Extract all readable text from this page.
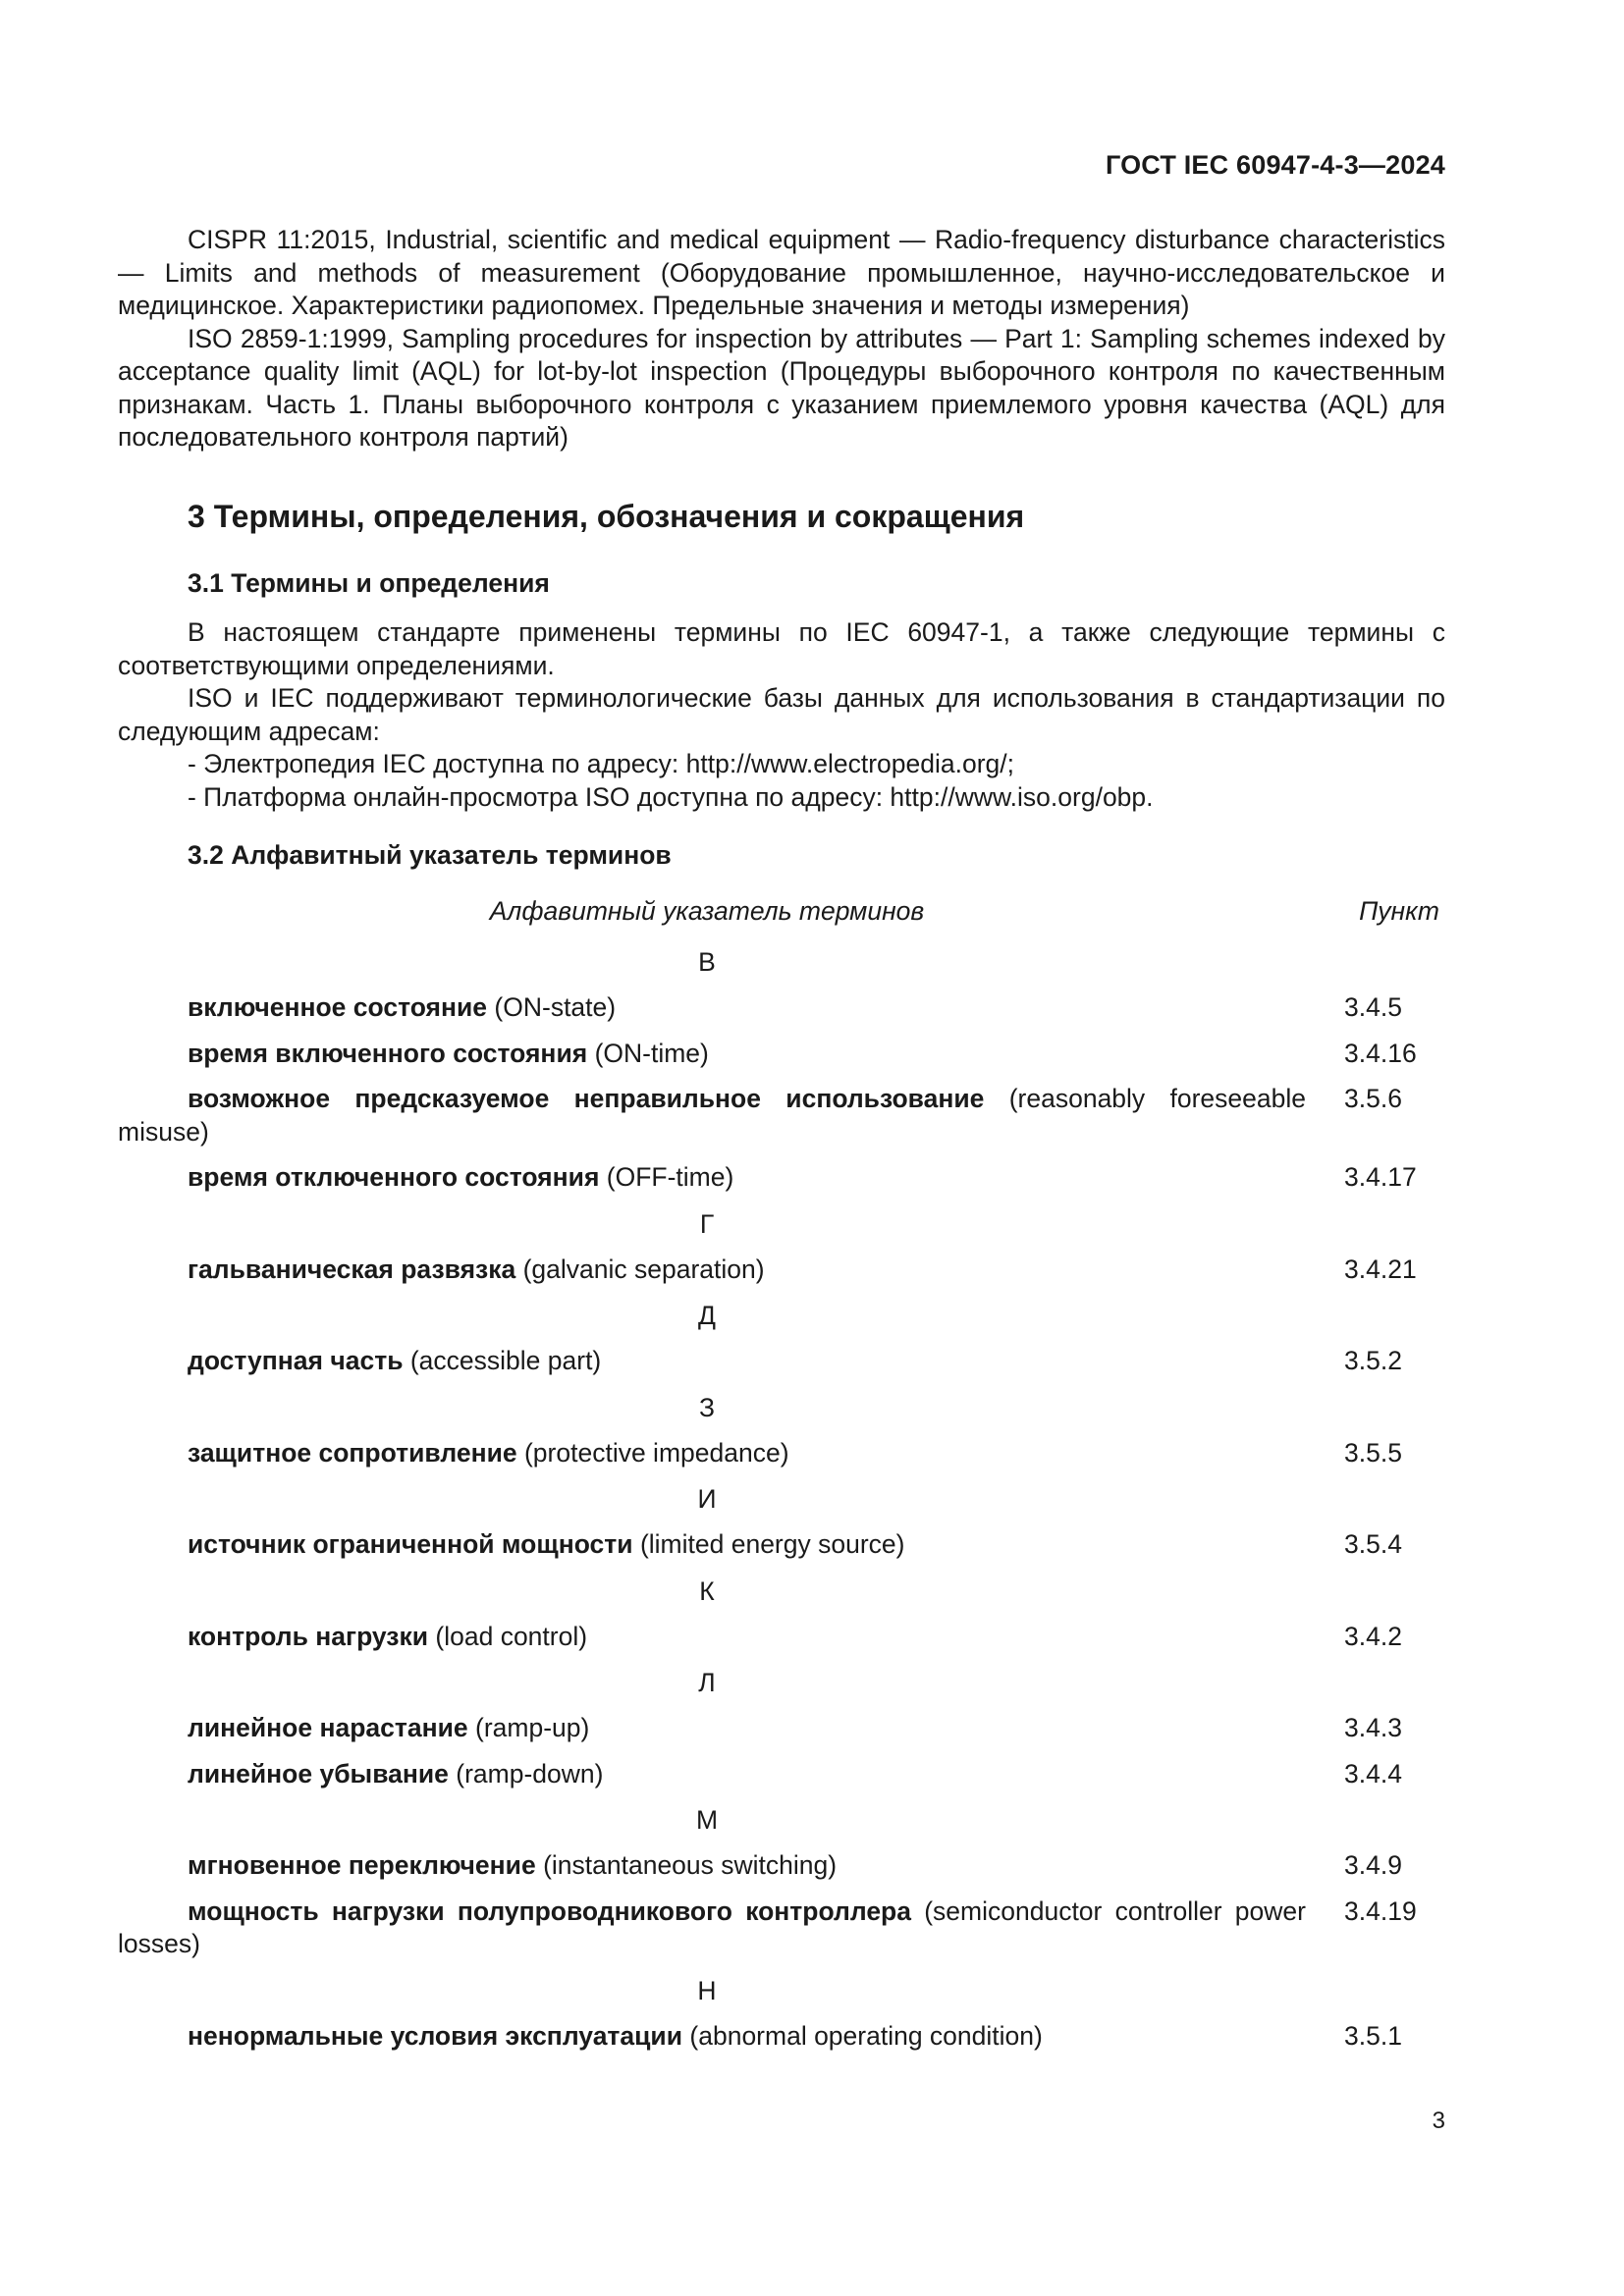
ГОСТ IEC 60947-4-3—2024

CISPR 11:2015, Industrial, scientific and medical equipment — Radio-frequency disturbance characteristics — Limits and methods of measurement (Оборудование промышленное, научно-исследовательское и медицинское. Характеристики радиопомех. Предельные значения и методы измерения)

ISO 2859-1:1999, Sampling procedures for inspection by attributes — Part 1: Sampling schemes indexed by acceptance quality limit (AQL) for lot-by-lot inspection (Процедуры выборочного контроля по качественным признакам. Часть 1. Планы выборочного контроля с указанием приемлемого уровня качества (AQL) для последовательного контроля партий)

3 Термины, определения, обозначения и сокращения
3.1 Термины и определения

В настоящем стандарте применены термины по IEC 60947-1, а также следующие термины с соответствующими определениями.

ISO и IEC поддерживают терминологические базы данных для использования в стандартизации по следующим адресам:

- Электропедия IEC доступна по адресу: http://www.electropedia.org/;

- Платформа онлайн-просмотра ISO доступна по адресу: http://www.iso.org/obp.

3.2 Алфавитный указатель терминов
Алфавитный указатель терминов	Пункт
В
включенное состояние (ON-state)	3.4.5
время включенного состояния (ON-time)	3.4.16
возможное предсказуемое неправильное использование (reasonably foreseeable misuse)
3.5.6
время отключенного состояния (OFF-time)	3.4.17
Г
гальваническая развязка (galvanic separation)	3.4.21
Д
доступная часть (accessible part)	3.5.2
З
защитное сопротивление (protective impedance)	3.5.5
И
источник ограниченной мощности (limited energy source)	3.5.4
К
контроль нагрузки (load control)	3.4.2
Л
линейное нарастание (ramp-up)	3.4.3
линейное убывание (ramp-down)	3.4.4
М
мгновенное переключение (instantaneous switching)	3.4.9
мощность нагрузки полупроводникового контроллера (semiconductor controller power losses)
3.4.19
Н
ненормальные условия эксплуатации (abnormal operating condition)	3.5.1
3
